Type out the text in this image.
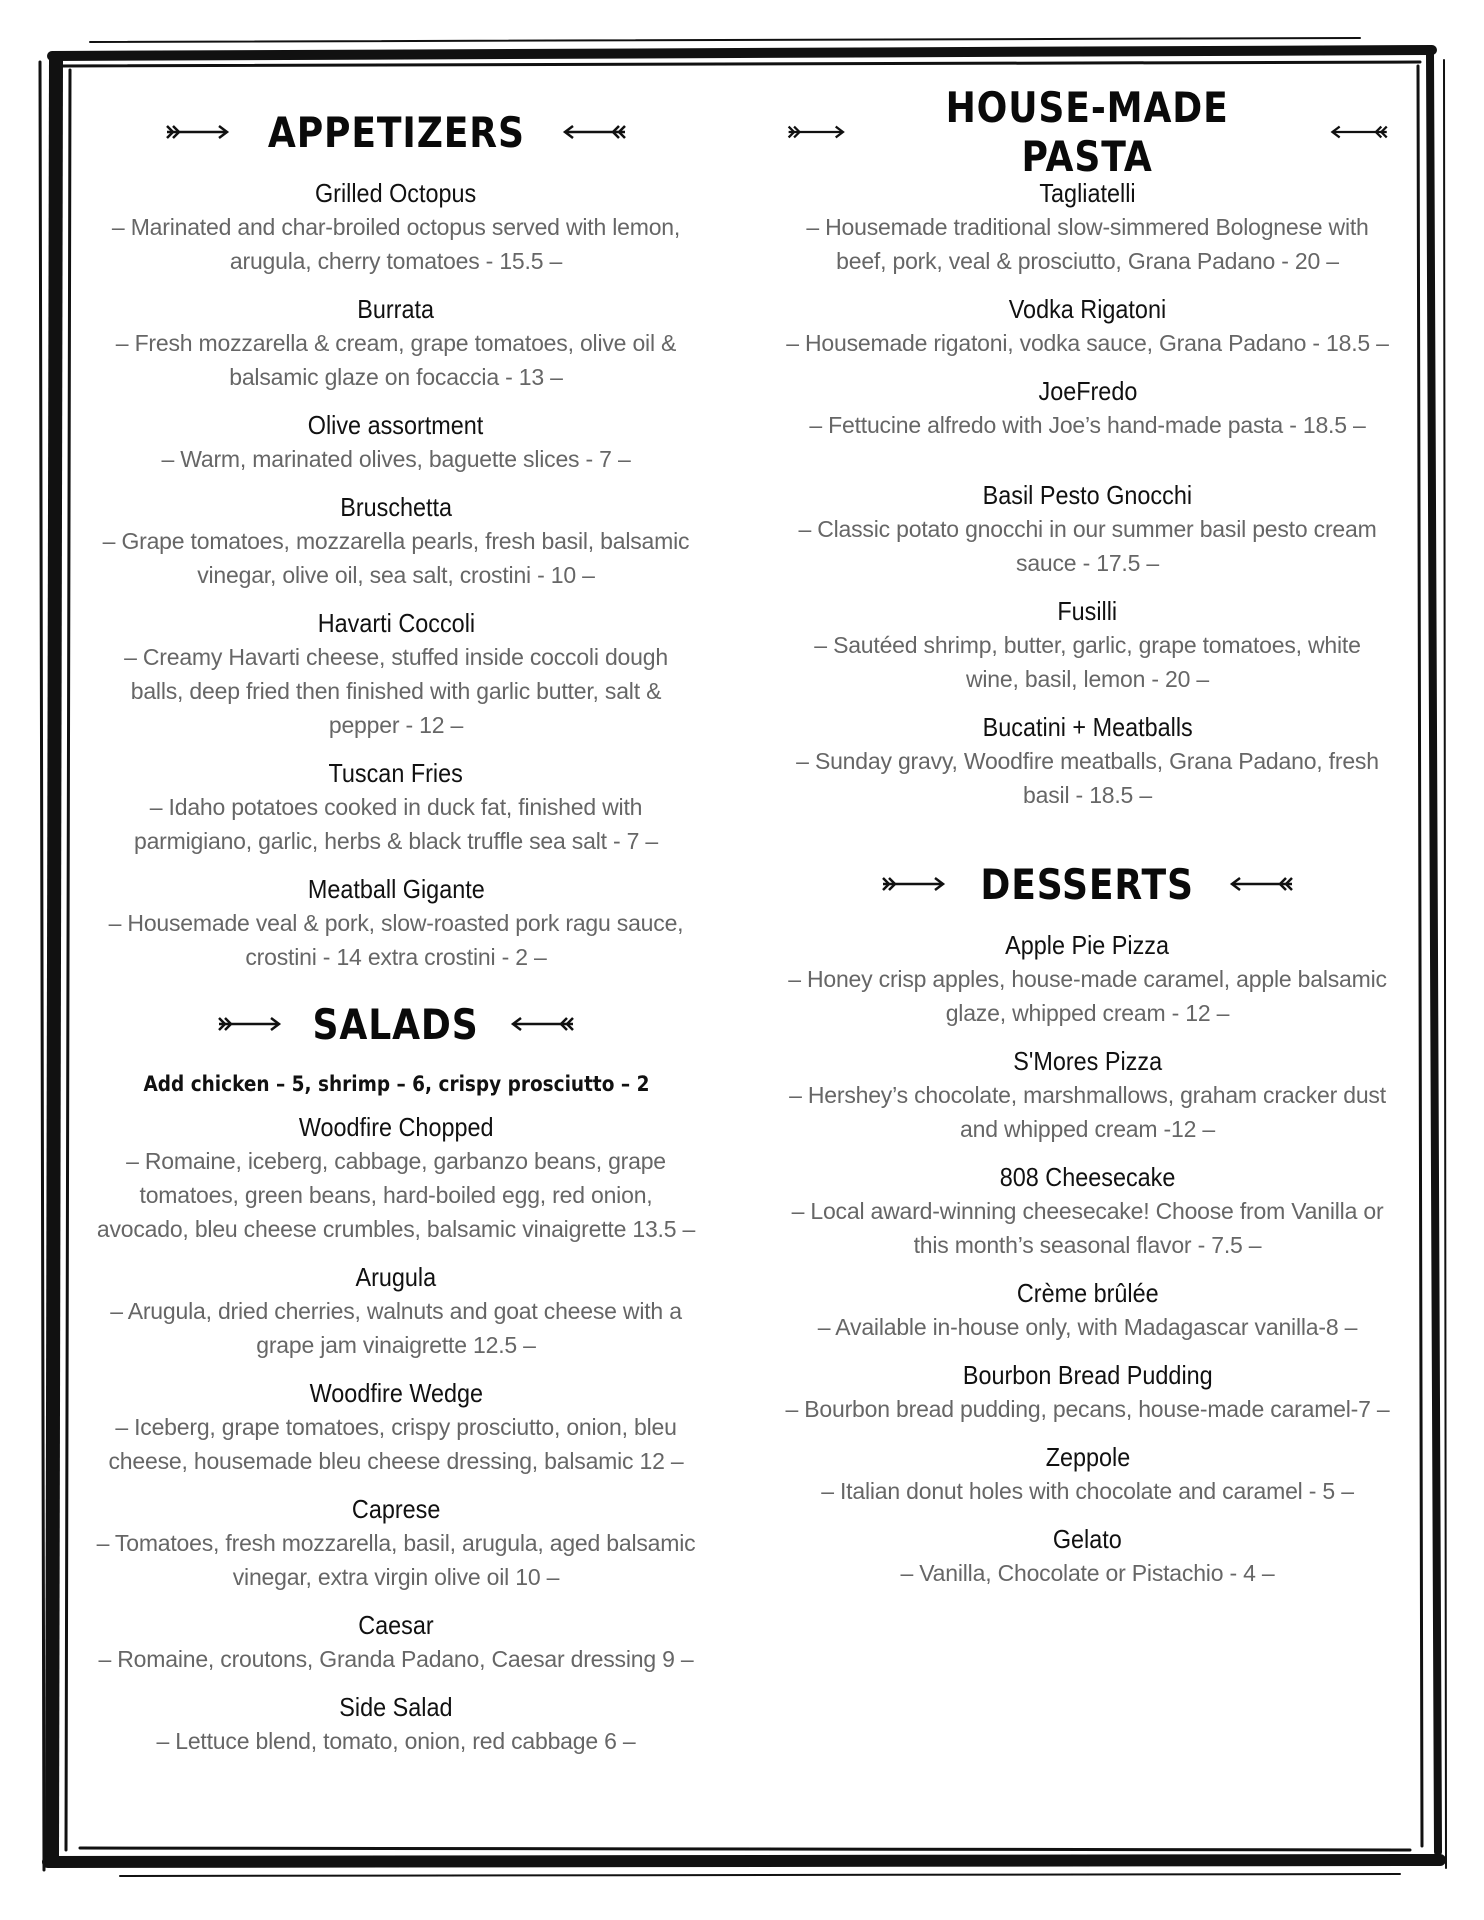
APPETIZERS
Grilled Octopus
– Marinated and char-broiled octopus served with lemon, arugula, cherry tomatoes - 15.5 –
Burrata
– Fresh mozzarella & cream, grape tomatoes, olive oil & balsamic glaze on focaccia - 13 –
Olive assortment
– Warm, marinated olives, baguette slices - 7 –
Bruschetta
– Grape tomatoes, mozzarella pearls, fresh basil, balsamic vinegar, olive oil, sea salt, crostini - 10 –
Havarti Coccoli
– Creamy Havarti cheese, stuffed inside coccoli dough balls, deep fried then finished with garlic butter, salt & pepper - 12 –
Tuscan Fries
– Idaho potatoes cooked in duck fat, finished with parmigiano, garlic, herbs & black truffle sea salt - 7 –
Meatball Gigante
– Housemade veal & pork, slow-roasted pork ragu sauce, crostini - 14 extra crostini - 2 –
SALADS
Add chicken – 5, shrimp – 6, crispy prosciutto – 2
Woodfire Chopped
– Romaine, iceberg, cabbage, garbanzo beans, grape tomatoes, green beans, hard-boiled egg, red onion, avocado, bleu cheese crumbles, balsamic vinaigrette 13.5 –
Arugula
– Arugula, dried cherries, walnuts and goat cheese with a grape jam vinaigrette 12.5 –
Woodfire Wedge
– Iceberg, grape tomatoes, crispy prosciutto, onion, bleu cheese, housemade bleu cheese dressing, balsamic 12 –
Caprese
– Tomatoes, fresh mozzarella, basil, arugula, aged balsamic vinegar, extra virgin olive oil 10 –
Caesar
– Romaine, croutons, Granda Padano, Caesar dressing 9 –
Side Salad
– Lettuce blend, tomato, onion, red cabbage 6 –
HOUSE-MADE PASTA
Tagliatelli
– Housemade traditional slow-simmered Bolognese with beef, pork, veal & prosciutto, Grana Padano - 20 –
Vodka Rigatoni
– Housemade rigatoni, vodka sauce, Grana Padano - 18.5 –
JoeFredo
– Fettucine alfredo with Joe’s hand-made pasta - 18.5 –
Basil Pesto Gnocchi
– Classic potato gnocchi in our summer basil pesto cream sauce - 17.5 –
Fusilli
– Sautéed shrimp, butter, garlic, grape tomatoes, white wine, basil, lemon - 20 –
Bucatini + Meatballs
– Sunday gravy, Woodfire meatballs, Grana Padano, fresh basil - 18.5 –
DESSERTS
Apple Pie Pizza
– Honey crisp apples, house-made caramel, apple balsamic glaze, whipped cream - 12 –
S'Mores Pizza
– Hershey’s chocolate, marshmallows, graham cracker dust and whipped cream -12 –
808 Cheesecake
– Local award-winning cheesecake! Choose from Vanilla or this month’s seasonal flavor - 7.5 –
Crème brûlée
– Available in-house only, with Madagascar vanilla-8 –
Bourbon Bread Pudding
– Bourbon bread pudding, pecans, house-made caramel-7 –
Zeppole
– Italian donut holes with chocolate and caramel - 5 –
Gelato
– Vanilla, Chocolate or Pistachio - 4 –
